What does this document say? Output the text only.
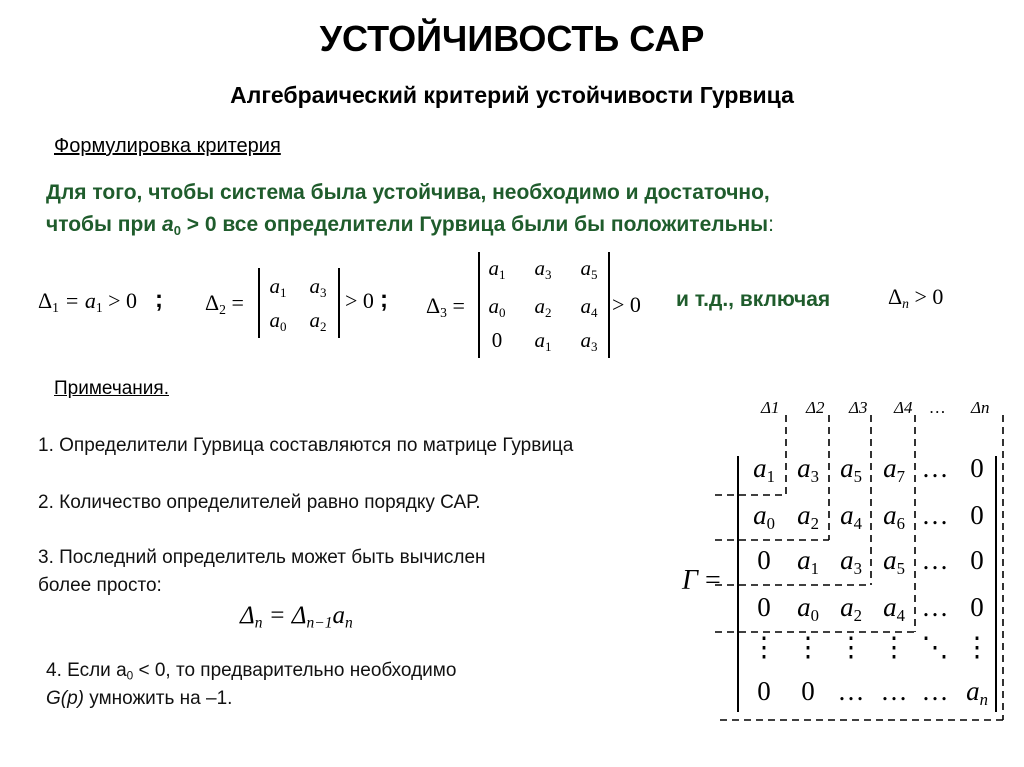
УСТОЙЧИВОСТЬ САР
Алгебраический критерий устойчивости Гурвица
Формулировка критерия
Для того, чтобы система была устойчива, необходимо и достаточно,
чтобы при $a_0 > 0$ все определители Гурвица были бы положительны:
$\Delta_1 = a_1 > 0$ ; $\Delta_2$ =
$a_1$ $a_3$
$a_0$ $a_2$
> 0 ; $\Delta_3$ =
$a_1$	$a_3$	$a_5$
$a_0$	$a_2$	$a_4$
0	$a_1$	$a_3$
> 0 и т.д., включая	$\Delta_n > 0$
Примечания.
1. Определители Гурвица составляются по матрице Гурвица
2. Количество определителей равно порядку САР.
3. Последний определитель может быть вычислен
более просто:
$\Delta_n = \Delta_{n-1}a_n$
4. Если $a_0 < 0$, то предварительно необходимо
G(p) умножить на –1.
Γ =
Δ1 Δ2 Δ3 Δ4 … Δn
$a_1$ $a_3$ $a_5$ $a_7$ … 0
$a_0$ $a_2$ $a_4$ $a_6$ … 0
0 $a_1$ $a_3$ $a_5$ … 0
0 $a_0$ $a_2$ $a_4$ … 0
⋮ ⋮ ⋮ ⋮ ⋱ ⋮
0	0 … … … $a_n$
